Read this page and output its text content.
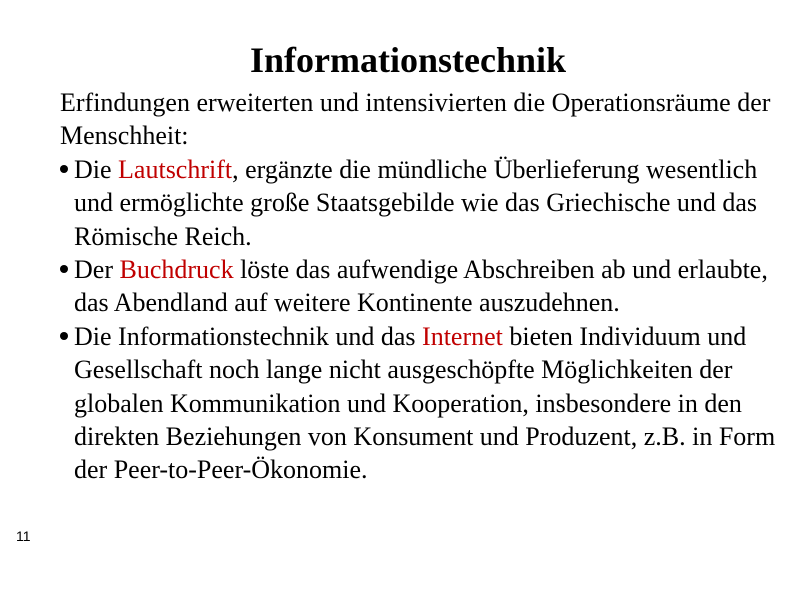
Informationstechnik

Erfindungen erweiterten und intensivierten die Operationsräume der Menschheit:

Die Lautschrift, ergänzte die mündliche Überlieferung wesentlich und ermöglichte große Staatsgebilde wie das Griechische und das Römische Reich.
Der Buchdruck löste das aufwendige Abschreiben ab und erlaubte, das Abendland auf weitere Kontinente auszudehnen.
Die Informationstechnik und das Internet bieten Individuum und Gesellschaft noch lange nicht ausgeschöpfte Möglichkeiten der globalen Kommunikation und Kooperation, insbesondere in den direkten Beziehungen von Konsument und Produzent, z.B. in Form der Peer-to-Peer-Ökonomie.
11
